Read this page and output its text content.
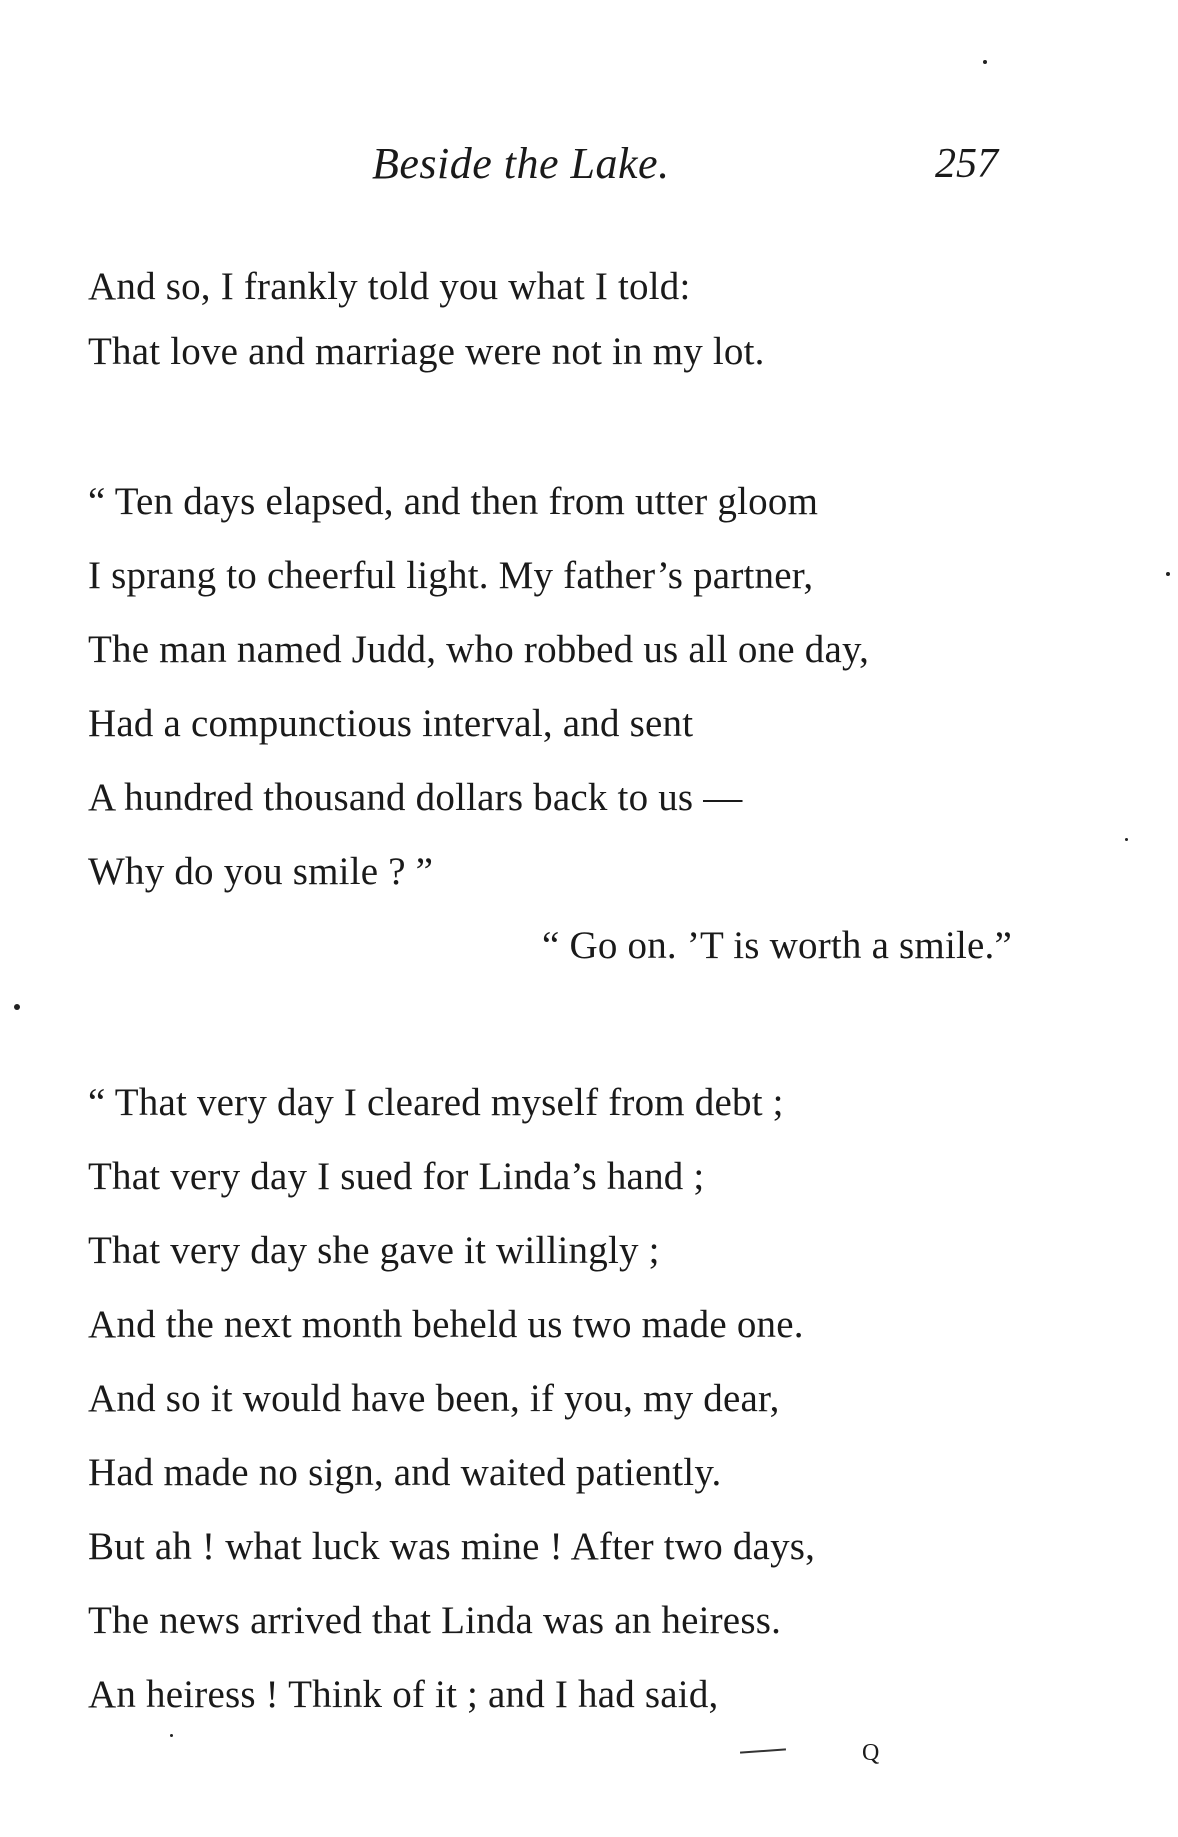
Beside the Lake.	257
And so, I frankly told you what I told:
That love and marriage were not in my lot.
“ Ten days elapsed, and then from utter gloom
I sprang to cheerful light. My father’s partner,
The man named Judd, who robbed us all one day,
Had a compunctious interval, and sent
A hundred thousand dollars back to us —
Why do you smile ? ”
“ Go on. ’T is worth a smile.”
“ That very day I cleared myself from debt ;
That very day I sued for Linda’s hand ;
That very day she gave it willingly ;
And the next month beheld us two made one.
And so it would have been, if you, my dear,
Had made no sign, and waited patiently.
But ah ! what luck was mine ! After two days,
The news arrived that Linda was an heiress.
An heiress ! Think of it ; and I had said,
Q
